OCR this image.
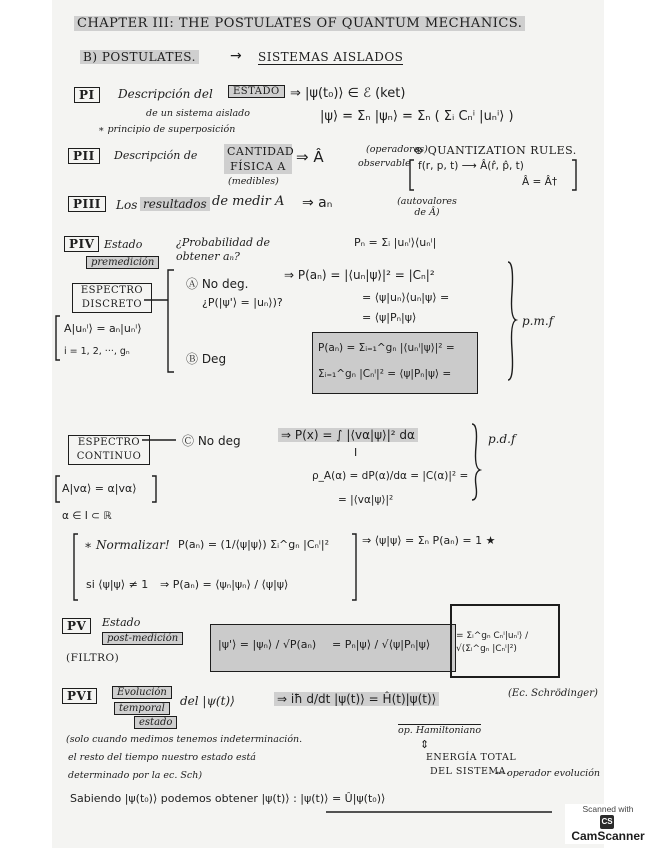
CHAPTER III: THE POSTULATES OF QUANTUM MECHANICS.
B) POSTULATES. → SISTEMAS AISLADOS
PI	Descripción del	ESTADO ⇒ |ψ(t₀)⟩ ∈ ℰ (ket)
de un sistema aislado
∗ principio de superposición
|ψ⟩ = Σₙ |ψₙ⟩ = Σₙ ( Σᵢ Cₙⁱ |uₙⁱ⟩ )
PII	Descripción de	CANTIDAD FÍSICA A
(medibles)
⇒ Â	(operadores)
observable
⊛ QUANTIZATION RULES.
f(r, p, t) ⟶ Â(r̂, p̂, t)
Â = Â†
PIII	Los resultados de medir A ⇒ aₙ	(autovalores de Â)
PIV Estado
premedición
¿Probabilidad de obtener aₙ?
Pₙ = Σᵢ |uₙⁱ⟩⟨uₙⁱ|
ESPECTRO DISCRETO
A|uₙⁱ⟩ = aₙ|uₙⁱ⟩
i = 1, 2, ···, gₙ
Ⓐ No deg.
⇒ P(aₙ) = |⟨uₙ|ψ⟩|² = |Cₙ|²
¿P(|ψ'⟩ = |uₙ⟩)?	= ⟨ψ|uₙ⟩⟨uₙ|ψ⟩ =
= ⟨ψ|Pₙ|ψ⟩
Ⓑ Deg
P(aₙ) = Σᵢ₌₁^gₙ |⟨uₙⁱ|ψ⟩|² =
Σᵢ₌₁^gₙ |Cₙⁱ|² = ⟨ψ|Pₙ|ψ⟩ =
p.m.f
ESPECTRO CONTINUO
A|vα⟩ = α|vα⟩
α ∈ I ⊂ ℝ
Ⓒ No deg	⇒ P(x) = ∫ |⟨vα|ψ⟩|² dα
I
ρ_A(α) = dP(α)/dα = |C(α)|² =
= |⟨vα|ψ⟩|²
p.d.f
∗ Normalizar! P(aₙ) = (1/⟨ψ|ψ⟩) Σᵢ^gₙ |Cₙⁱ|²	⇒ ⟨ψ|ψ⟩ = Σₙ P(aₙ) = 1 ★
si ⟨ψ|ψ⟩ ≠ 1 ⇒ P(aₙ) = ⟨ψₙ|ψₙ⟩ / ⟨ψ|ψ⟩
PV	Estado
post-medición
(FILTRO)
|ψ'⟩ = |ψₙ⟩ / √P(aₙ) = Pₙ|ψ⟩ / √⟨ψ|Pₙ|ψ⟩
= Σᵢ^gₙ Cₙⁱ|uₙⁱ⟩ / √(Σᵢ^gₙ |Cₙⁱ|²)
PVI	Evolución
temporal
del |ψ(t)⟩
estado
⇒ iħ d/dt |ψ(t)⟩ = Ĥ(t)|ψ(t)⟩	(Ec. Schrödinger)
op. Hamiltoniano
⇕
ENERGÍA TOTAL
DEL SISTEMA.
← operador evolución
(solo cuando medimos tenemos indeterminación.
el resto del tiempo nuestro estado está
determinado por la ec. Sch)
Sabiendo |ψ(t₀)⟩ podemos obtener |ψ(t)⟩ : |ψ(t)⟩ = Û|ψ(t₀)⟩
Scanned with
CSCamScanner
